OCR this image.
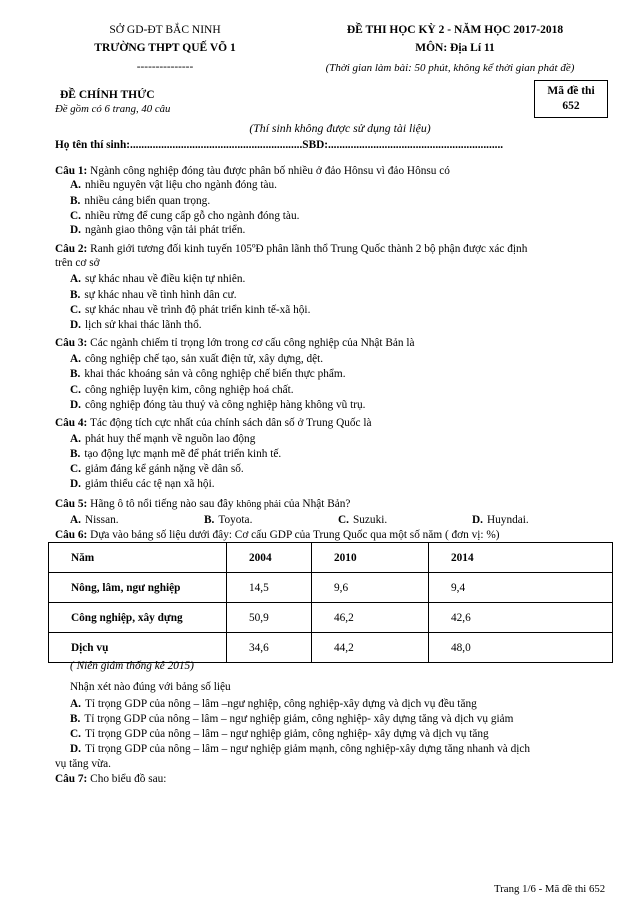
SỞ GD-ĐT BẮC NINH
TRƯỜNG THPT QUẾ VÕ 1
---------------
ĐỀ THI HỌC KỲ 2 - NĂM HỌC 2017-2018
MÔN: Địa Lí 11
(Thời gian làm bài: 50 phút, không kể thời gian phát đề)
ĐỀ CHÍNH THỨC
Đề gồm có 6 trang, 40 câu
Mã đề thi
652
(Thí sinh không được sử dụng tài liệu)
Họ tên thí sinh:.............................................................SBD:..............................................................
Câu 1: Ngành công nghiệp đóng tàu được phân bố nhiều ở đảo Hônsu vì đảo Hônsu có
A. nhiều nguyên vật liệu cho ngành đóng tàu.
B. nhiều cảng biển quan trọng.
C. nhiều rừng để cung cấp gỗ cho ngành đóng tàu.
D. ngành giao thông vận tải phát triển.
Câu 2: Ranh giới tương đối kinh tuyến 105ºĐ phân lãnh thổ Trung Quốc thành 2 bộ phận được xác định
trên cơ sở
A. sự khác nhau về điều kiện tự nhiên.
B. sự khác nhau về tình hình dân cư.
C. sự khác nhau về trình độ phát triển kinh tế-xã hội.
D. lịch sử khai thác lãnh thổ.
Câu 3: Các ngành chiếm tỉ trọng lớn trong cơ cấu công nghiệp của Nhật Bản là
A. công nghiệp chế tạo, sản xuất điện tử, xây dựng, dệt.
B. khai thác khoáng sản và công nghiệp chế biến thực phẩm.
C. công nghiệp luyện kim, công nghiệp hoá chất.
D. công nghiệp đóng tàu thuỷ và công nghiệp hàng không vũ trụ.
Câu 4: Tác động tích cực nhất của chính sách dân số ở Trung Quốc là
A. phát huy thế mạnh về nguồn lao động
B. tạo động lực mạnh mẽ để phát triển kinh tế.
C. giảm đáng kể gánh nặng về dân số.
D. giảm thiểu các tệ nạn xã hội.
Câu 5: Hãng ô tô nổi tiếng nào sau đây không phải của Nhật Bản?
A. Nissan.	B. Toyota.	C. Suzuki.	D. Huyndai.
Câu 6: Dựa vào bảng số liệu dưới đây: Cơ cấu GDP của Trung Quốc qua một số năm ( đơn vị: %)
Năm	2004	2010	2014
Nông, lâm, ngư nghiệp	14,5	9,6	9,4
Công nghiệp, xây dựng	50,9	46,2	42,6
Dịch vụ	34,6	44,2	48,0
( Niên giám thống kê 2015)
Nhận xét nào đúng với bảng số liệu
A. Tỉ trọng GDP của nông – lâm –ngư nghiệp, công nghiệp-xây dựng và dịch vụ đều tăng
B. Tỉ trọng GDP của nông – lâm – ngư nghiệp giảm, công nghiệp- xây dựng tăng và dịch vụ giảm
C. Tỉ trọng GDP của nông – lâm – ngư nghiệp giảm, công nghiệp- xây dựng và dịch vụ tăng
D. Tỉ trọng GDP của nông – lâm – ngư nghiệp giảm mạnh, công nghiệp-xây dựng tăng nhanh và dịch
vụ tăng vừa.
Câu 7: Cho biểu đồ sau:
Trang 1/6 - Mã đề thi 652
